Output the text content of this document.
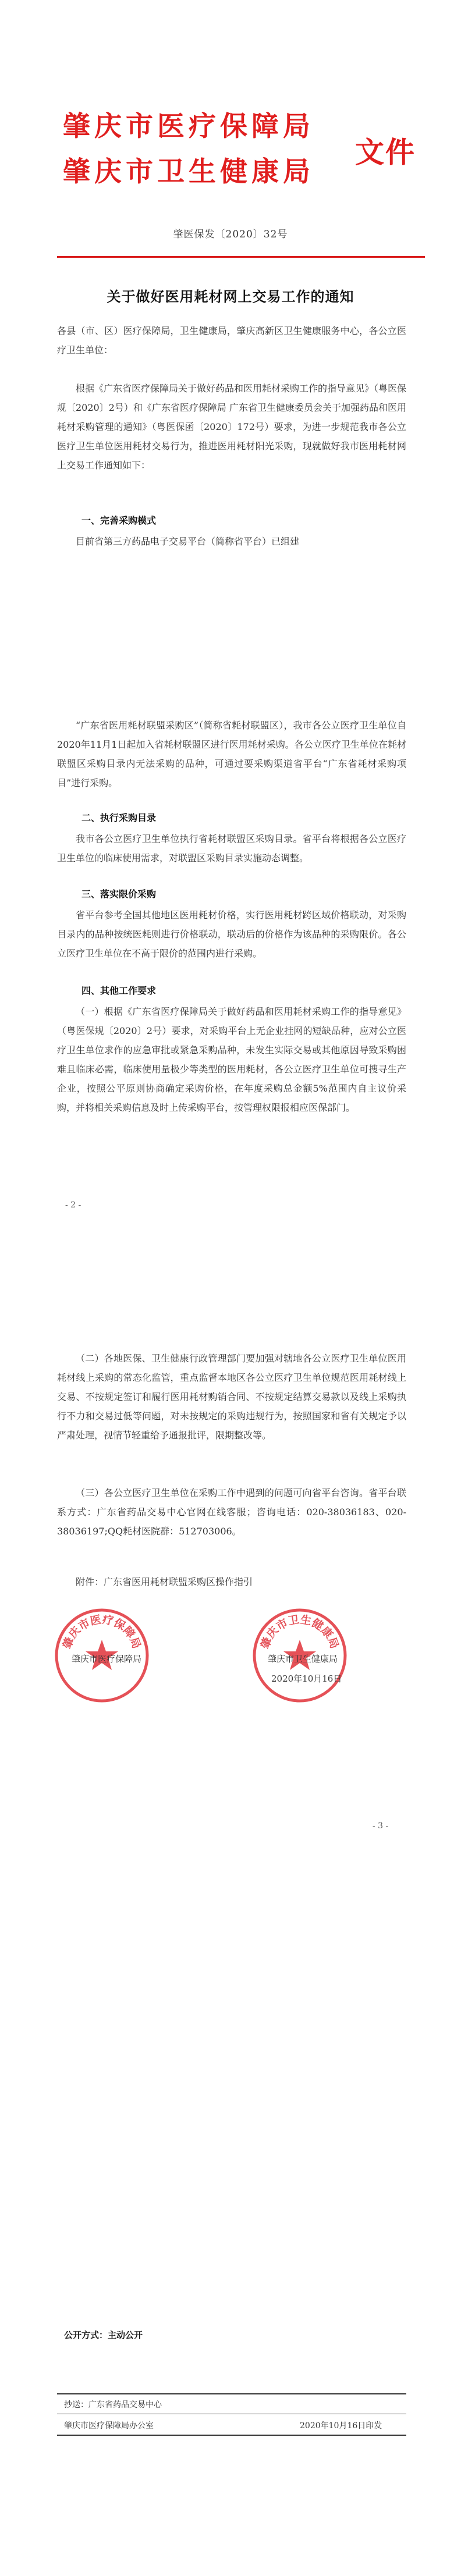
肇庆市医疗保障局
肇庆市卫生健康局
文件
肇医保发〔2020〕32号
关于做好医用耗材网上交易工作的通知

各县（市、区）医疗保障局，卫生健康局，肇庆高新区卫生健康服务中心，各公立医疗卫生单位：

根据《广东省医疗保障局关于做好药品和医用耗材采购工作的指导意见》（粤医保规〔2020〕2号）和《广东省医疗保障局 广东省卫生健康委员会关于加强药品和医用耗材采购管理的通知》（粤医保函〔2020〕172号）要求，为进一步规范我市各公立医疗卫生单位医用耗材交易行为，推进医用耗材阳光采购，现就做好我市医用耗材网上交易工作通知如下：

一、完善采购模式

目前省第三方药品电子交易平台（简称省平台）已组建

“广东省医用耗材联盟采购区”（简称省耗材联盟区），我市各公立医疗卫生单位自2020年11月1日起加入省耗材联盟区进行医用耗材采购。各公立医疗卫生单位在耗材联盟区采购目录内无法采购的品种，可通过要采购渠道省平台“广东省耗材采购项目”进行采购。

二、执行采购目录

我市各公立医疗卫生单位执行省耗材联盟区采购目录。省平台将根据各公立医疗卫生单位的临床使用需求，对联盟区采购目录实施动态调整。

三、落实限价采购

省平台参考全国其他地区医用耗材价格，实行医用耗材跨区域价格联动，对采购目录内的品种按统医耗则进行价格联动，联动后的价格作为该品种的采购限价。各公立医疗卫生单位在不高于限价的范围内进行采购。

四、其他工作要求

（一）根据《广东省医疗保障局关于做好药品和医用耗材采购工作的指导意见》（粤医保规〔2020〕2号）要求，对采购平台上无企业挂网的短缺品种，应对公立医疗卫生单位求作的应急审批或紧急采购品种，未发生实际交易或其他原因导致采购困难且临床必需，临床使用量极少等类型的医用耗材，各公立医疗卫生单位可搜寻生产企业，按照公平原则协商确定采购价格，在年度采购总金额5%范围内自主议价采购，并将相关采购信息及时上传采购平台，按管理权限报相应医保部门。

- 2 -

（二）各地医保、卫生健康行政管理部门要加强对辖地各公立医疗卫生单位医用耗材线上采购的常态化监管，重点监督本地区各公立医疗卫生单位规范医用耗材线上交易、不按规定签订和履行医用耗材购销合同、不按规定结算交易款以及线上采购执行不力和交易过低等问题，对未按规定的采购违规行为，按照国家和省有关规定予以严肃处理，视情节轻重给予通报批评，限期整改等。

（三）各公立医疗卫生单位在采购工作中遇到的问题可向省平台咨询。省平台联系方式：广东省药品交易中心官网在线客服；咨询电话：020-38036183、020-38036197;QQ耗材医院群：512703006。

附件：广东省医用耗材联盟采购区操作指引

肇庆市医疗保障局	肇庆市卫生健康局
肇庆市医疗保障局	肇庆市卫生健康局
2020年10月16日
- 3 -
公开方式：主动公开
抄送：广东省药品交易中心
肇庆市医疗保障局办公室	2020年10月16日印发
